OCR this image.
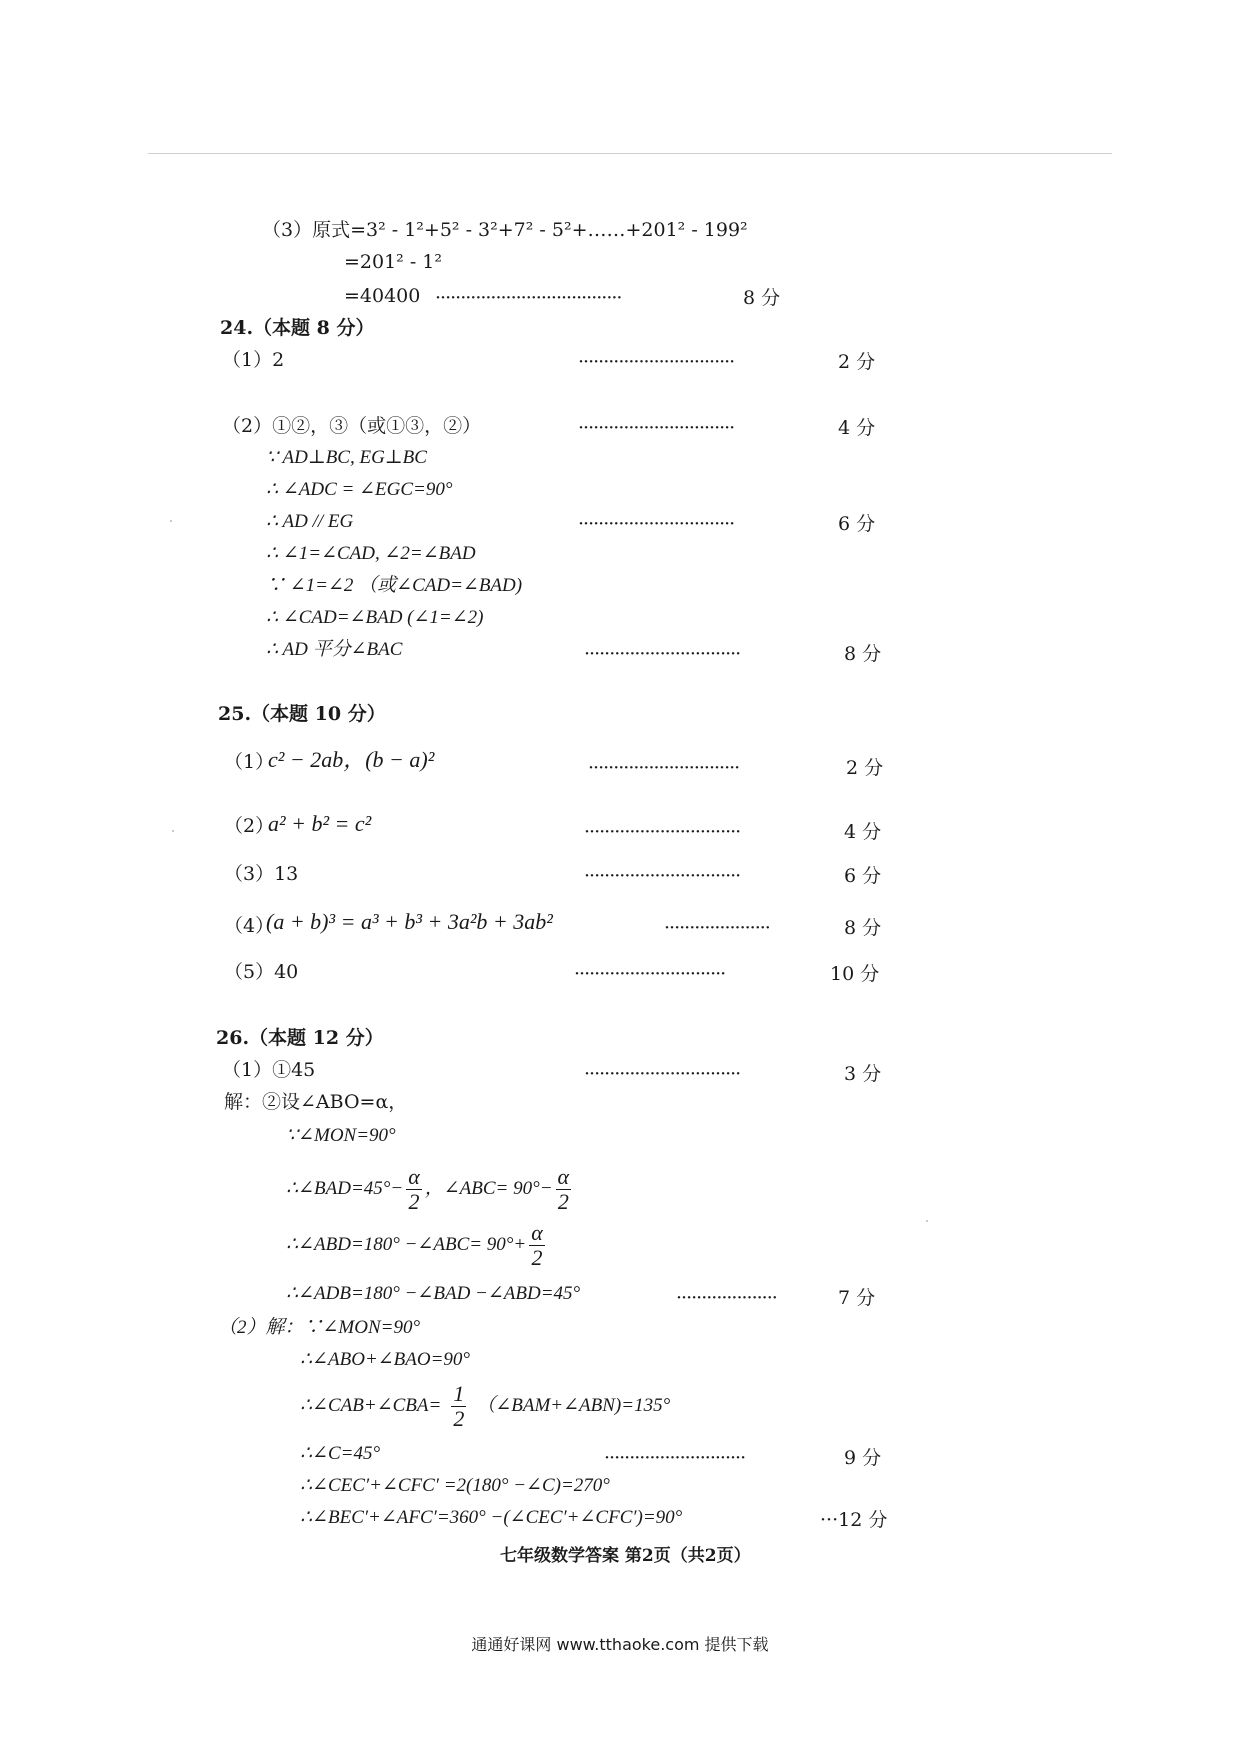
（3）原式=3² - 1²+5² - 3²+7² - 5²+……+201² - 199²
=201² - 1²
=40400 ·····································	8 分
24.（本题 8 分）
（1）2	·······························	2 分
（2）①②，③（或①③，②）	·······························	4 分
∵ AD⊥BC, EG⊥BC
∴ ∠ADC = ∠EGC=90°
∴ AD // EG	·······························	6 分
∴ ∠1=∠CAD, ∠2=∠BAD
∵ ∠1=∠2 （或∠CAD=∠BAD)
∴ ∠CAD=∠BAD (∠1=∠2)
∴ AD 平分∠BAC	·······························	8 分
25.（本题 10 分）
（1）
c² − 2ab，(b − a)²	······························	2 分
（2）
a² + b² = c²	·······························	4 分
（3）13	·······························	6 分
（4）
(a + b)³ = a³ + b³ + 3a²b + 3ab²	·····················	8 分
（5）40	······························	10 分
26.（本题 12 分）
（1）①45	·······························	3 分
解：②设∠ABO=α，
∵∠MON=90°
∴∠BAD=45°− $\frac{\alpha}{2}$ ，∠ABC= $90^\circ- \frac{\alpha}{2}$
∴∠ABD=180° −∠ABC= $90^\circ+ \frac{\alpha}{2}$
∴∠ADB=180° −∠BAD −∠ABD=45°	····················	7 分
（2）解：∵∠MON=90°
∴∠ABO+∠BAO=90°
∴∠CAB+∠CBA= $\frac{1}{2}$ （∠BAM+∠ABN)=135°
∴∠C=45°	····························	9 分
∴∠CEC′+∠CFC′ =2(180° −∠C)=270°
∴∠BEC′+∠AFC′=360° −(∠CEC′+∠CFC′)=90°	···12 分
七年级数学答案 第2页（共2页）
通通好课网 www.tthaoke.com 提供下载
